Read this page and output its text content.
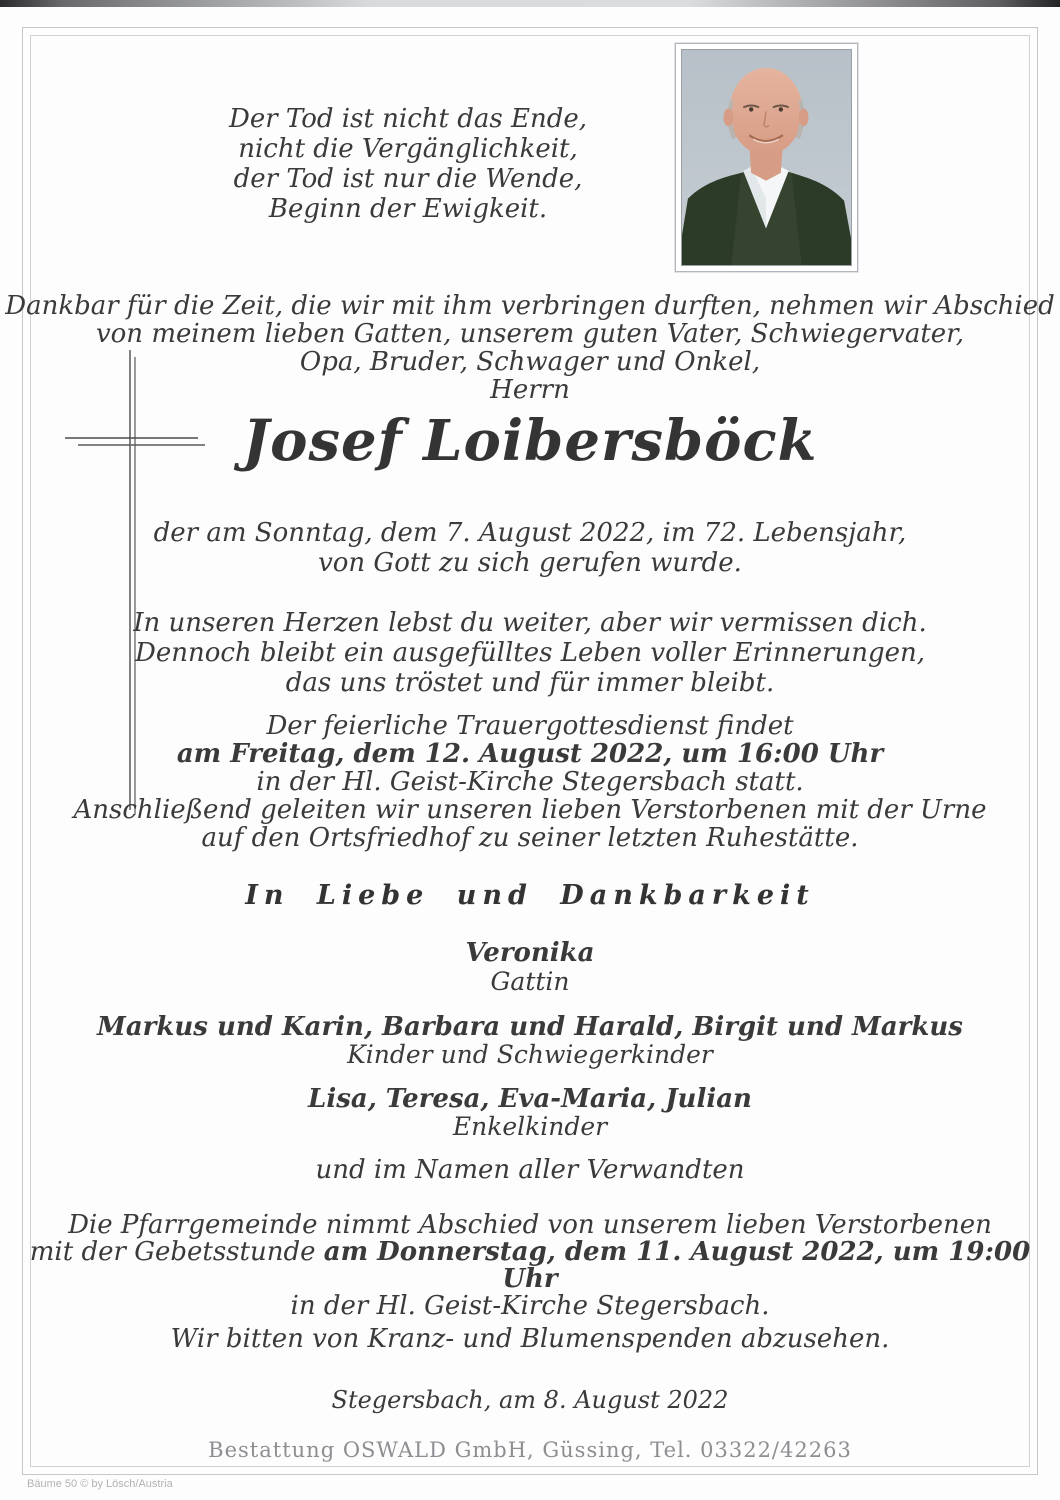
Der Tod ist nicht das Ende,
nicht die Vergänglichkeit,
der Tod ist nur die Wende,
Beginn der Ewigkeit.
Dankbar für die Zeit, die wir mit ihm verbringen durften, nehmen wir Abschied
von meinem lieben Gatten, unserem guten Vater, Schwiegervater,
Opa, Bruder, Schwager und Onkel,
Herrn
Josef Loibersböck
der am Sonntag, dem 7. August 2022, im 72. Lebensjahr,
von Gott zu sich gerufen wurde.
In unseren Herzen lebst du weiter, aber wir vermissen dich.
Dennoch bleibt ein ausgefülltes Leben voller Erinnerungen,
das uns tröstet und für immer bleibt.
Der feierliche Trauergottesdienst findet
am Freitag, dem 12. August 2022, um 16:00 Uhr
in der Hl. Geist-Kirche Stegersbach statt.
Anschließend geleiten wir unseren lieben Verstorbenen mit der Urne
auf den Ortsfriedhof zu seiner letzten Ruhestätte.
In Liebe und Dankbarkeit
Veronika
Gattin
Markus und Karin, Barbara und Harald, Birgit und Markus
Kinder und Schwiegerkinder
Lisa, Teresa, Eva-Maria, Julian
Enkelkinder
und im Namen aller Verwandten
Die Pfarrgemeinde nimmt Abschied von unserem lieben Verstorbenen
mit der Gebetsstunde am Donnerstag, dem 11. August 2022, um 19:00 Uhr
in der Hl. Geist-Kirche Stegersbach.
Wir bitten von Kranz- und Blumenspenden abzusehen.
Stegersbach, am 8. August 2022
Bestattung OSWALD GmbH, Güssing, Tel. 03322/42263
Bäume 50 © by Lösch/Austria
